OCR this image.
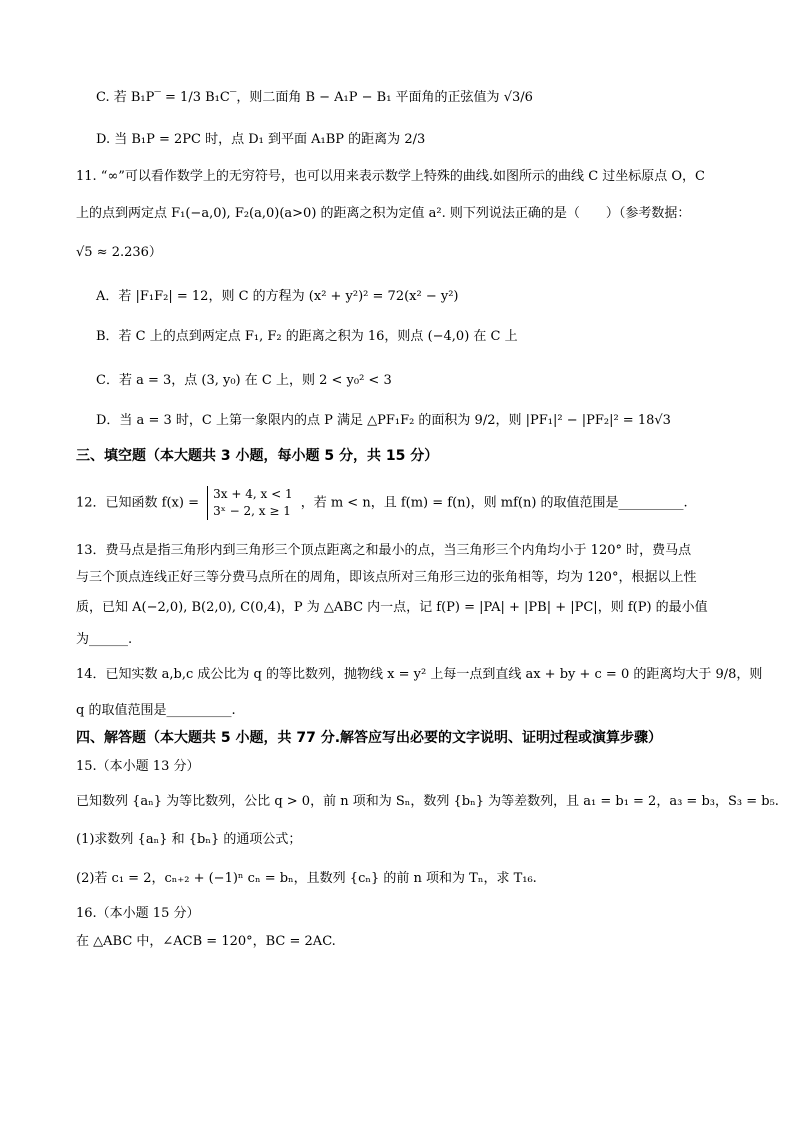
C. 若 B₁P‾ = 1/3 B₁C‾，则二面角 B − A₁P − B₁ 平面角的正弦值为 √3/6
D. 当 B₁P = 2PC 时，点 D₁ 到平面 A₁BP 的距离为 2/3
11. “∞”可以看作数学上的无穷符号，也可以用来表示数学上特殊的曲线.如图所示的曲线 C 过坐标原点 O，C
上的点到两定点 F₁(−a,0), F₂(a,0)(a>0) 的距离之积为定值 a². 则下列说法正确的是（　　）（参考数据：
√5 ≈ 2.236）
A．若 |F₁F₂| = 12，则 C 的方程为 (x² + y²)² = 72(x² − y²)
B．若 C 上的点到两定点 F₁, F₂ 的距离之积为 16，则点 (−4,0) 在 C 上
C．若 a = 3，点 (3, y₀) 在 C 上，则 2 < y₀² < 3
D．当 a = 3 时，C 上第一象限内的点 P 满足 △PF₁F₂ 的面积为 9/2，则 |PF₁|² − |PF₂|² = 18√3
三、填空题（本大题共 3 小题，每小题 5 分，共 15 分）
12．已知函数 f(x) =
3x + 4, x < 1
3ˣ − 2, x ≥ 1
，若 m < n，且 f(m) = f(n)，则 mf(n) 的取值范围是__________.
13．费马点是指三角形内到三角形三个顶点距离之和最小的点，当三角形三个内角均小于 120° 时，费马点
与三个顶点连线正好三等分费马点所在的周角，即该点所对三角形三边的张角相等，均为 120°，根据以上性
质，已知 A(−2,0), B(2,0), C(0,4)，P 为 △ABC 内一点，记 f(P) = |PA| + |PB| + |PC|，则 f(P) 的最小值
为______.
14．已知实数 a,b,c 成公比为 q 的等比数列，抛物线 x = y² 上每一点到直线 ax + by + c = 0 的距离均大于 9/8，则
q 的取值范围是__________.
四、解答题（本大题共 5 小题，共 77 分.解答应写出必要的文字说明、证明过程或演算步骤）
15.（本小题 13 分）
已知数列 {aₙ} 为等比数列，公比 q > 0，前 n 项和为 Sₙ，数列 {bₙ} 为等差数列，且 a₁ = b₁ = 2，a₃ = b₃，S₃ = b₅.
(1)求数列 {aₙ} 和 {bₙ} 的通项公式；
(2)若 c₁ = 2，cₙ₊₂ + (−1)ⁿ cₙ = bₙ，且数列 {cₙ} 的前 n 项和为 Tₙ，求 T₁₆.
16.（本小题 15 分）
在 △ABC 中，∠ACB = 120°，BC = 2AC.
